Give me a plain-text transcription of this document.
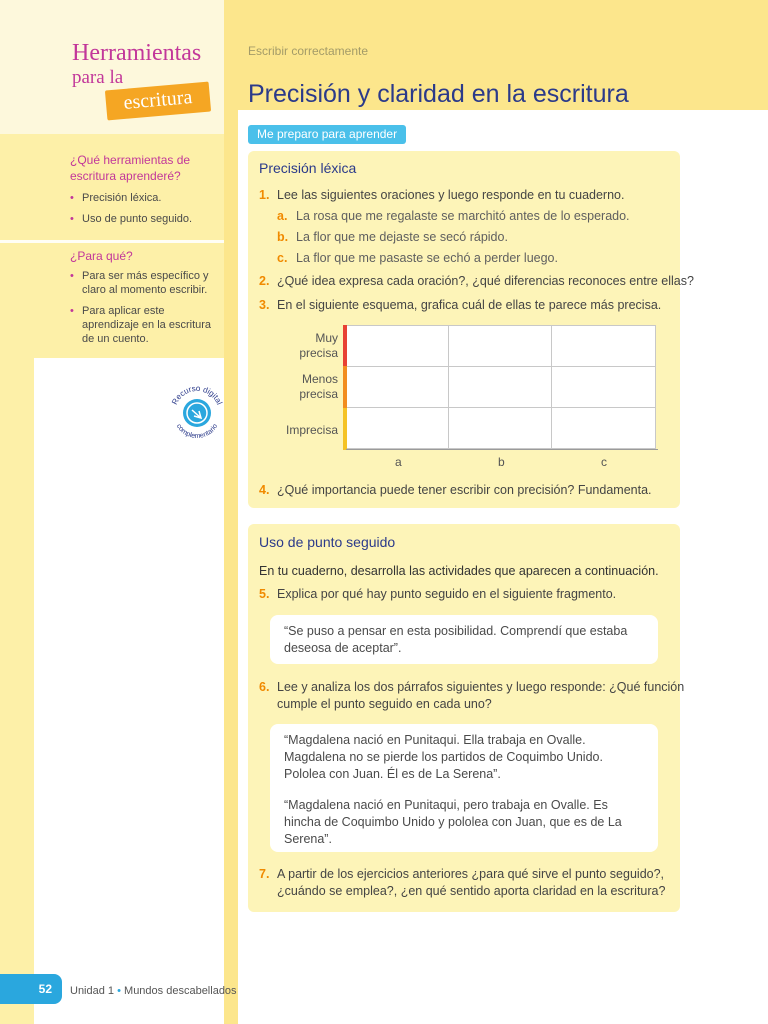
Herramientas
para la
escritura
¿Qué herramientas de escritura aprenderé?
• Precisión léxica.
• Uso de punto seguido.
¿Para qué?
• Para ser más específico y claro al momento escribir.
• Para aplicar este aprendizaje en la escritura de un cuento.
Recurso digital
complementario
Escribir correctamente
Precisión y claridad en la escritura
Me preparo para aprender
Precisión léxica
1. Lee las siguientes oraciones y luego responde en tu cuaderno.
a. La rosa que me regalaste se marchitó antes de lo esperado.
b. La flor que me dejaste se secó rápido.
c. La flor que me pasaste se echó a perder luego.
2. ¿Qué idea expresa cada oración?, ¿qué diferencias reconoces entre ellas?
3. En el siguiente esquema, grafica cuál de ellas te parece más precisa.
Muy precisa
Menos precisa
Imprecisa
a	b	c
4. ¿Qué importancia puede tener escribir con precisión? Fundamenta.
Uso de punto seguido
En tu cuaderno, desarrolla las actividades que aparecen a continuación.
5. Explica por qué hay punto seguido en el siguiente fragmento.
“Se puso a pensar en esta posibilidad. Comprendí que estaba deseosa de aceptar”.
6. Lee y analiza los dos párrafos siguientes y luego responde: ¿Qué función
cumple el punto seguido en cada uno?

“Magdalena nació en Punitaqui. Ella trabaja en Ovalle. Magdalena no se pierde los partidos de Coquimbo Unido. Pololea con Juan. Él es de La Serena”.

“Magdalena nació en Punitaqui, pero trabaja en Ovalle. Es hincha de Coquimbo Unido y pololea con Juan, que es de La Serena”.

7. A partir de los ejercicios anteriores ¿para qué sirve el punto seguido?,
¿cuándo se emplea?, ¿en qué sentido aporta claridad en la escritura?
52	Unidad 1 • Mundos descabellados
